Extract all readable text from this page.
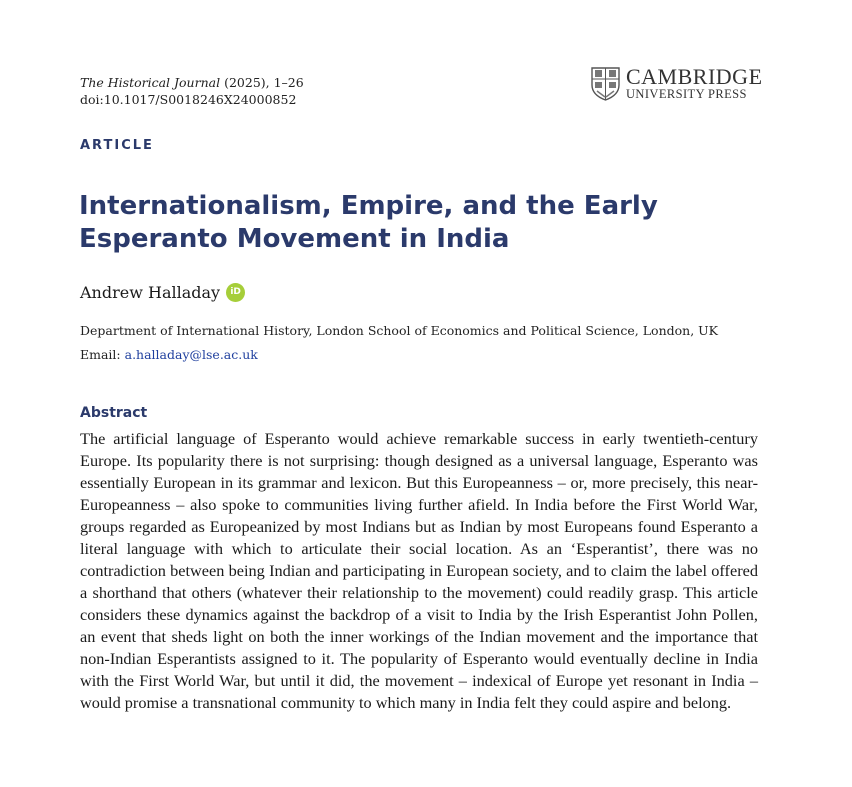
The Historical Journal (2025), 1–26
doi:10.1017/S0018246X24000852
CAMBRIDGE
UNIVERSITY PRESS
ARTICLE
Internationalism, Empire, and the Early Esperanto Movement in India
Andrew Halladay	iD
Department of International History, London School of Economics and Political Science, London, UK
Email: a.halladay@lse.ac.uk
Abstract

The artificial language of Esperanto would achieve remarkable success in early twentieth-century Europe. Its popularity there is not surprising: though designed as a universal language, Esperanto was essentially European in its grammar and lexicon. But this Europeanness – or, more precisely, this near-Europeanness – also spoke to communities living further afield. In India before the First World War, groups regarded as Europeanized by most Indians but as Indian by most Europeans found Esperanto a literal language with which to articulate their social location. As an ‘Esperantist’, there was no contradiction between being Indian and participating in European society, and to claim the label offered a shorthand that others (whatever their relationship to the movement) could readily grasp. This article considers these dynamics against the backdrop of a visit to India by the Irish Esperantist John Pollen, an event that sheds light on both the inner workings of the Indian movement and the importance that non-Indian Esperantists assigned to it. The popularity of Esperanto would eventually decline in India with the First World War, but until it did, the movement – indexical of Europe yet resonant in India – would promise a transnational community to which many in India felt they could aspire and belong.
